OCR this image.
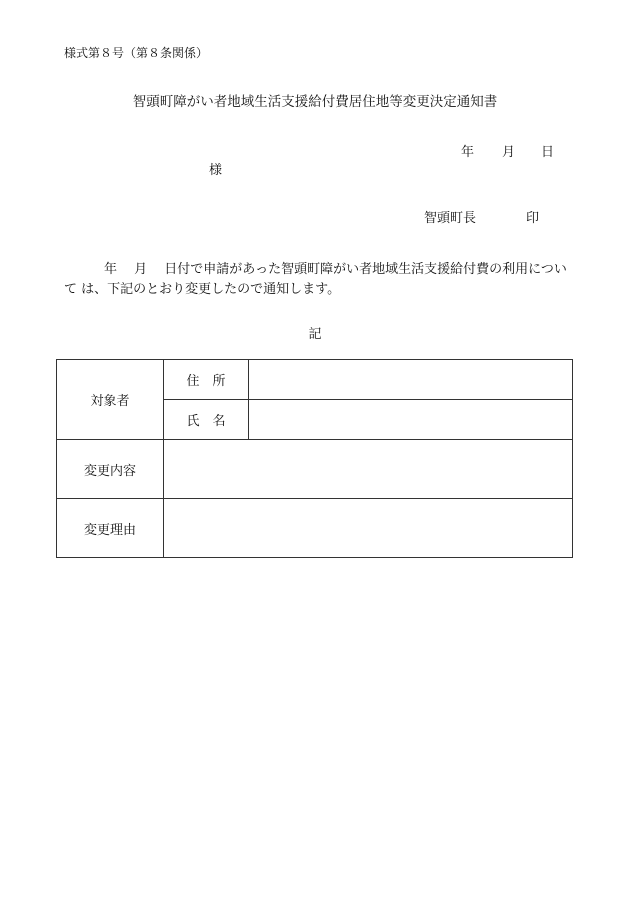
様式第８号（第８条関係）
智頭町障がい者地域生活支援給付費居住地等変更決定通知書
年 月 日
様
智頭町長	印
年　 月　 日付で申請があった智頭町障がい者地域生活支援給付費の利用について は、下記のとおり変更したので通知します。
記
対象者	住　所	
	氏　名	
変更内容		
変更理由		
